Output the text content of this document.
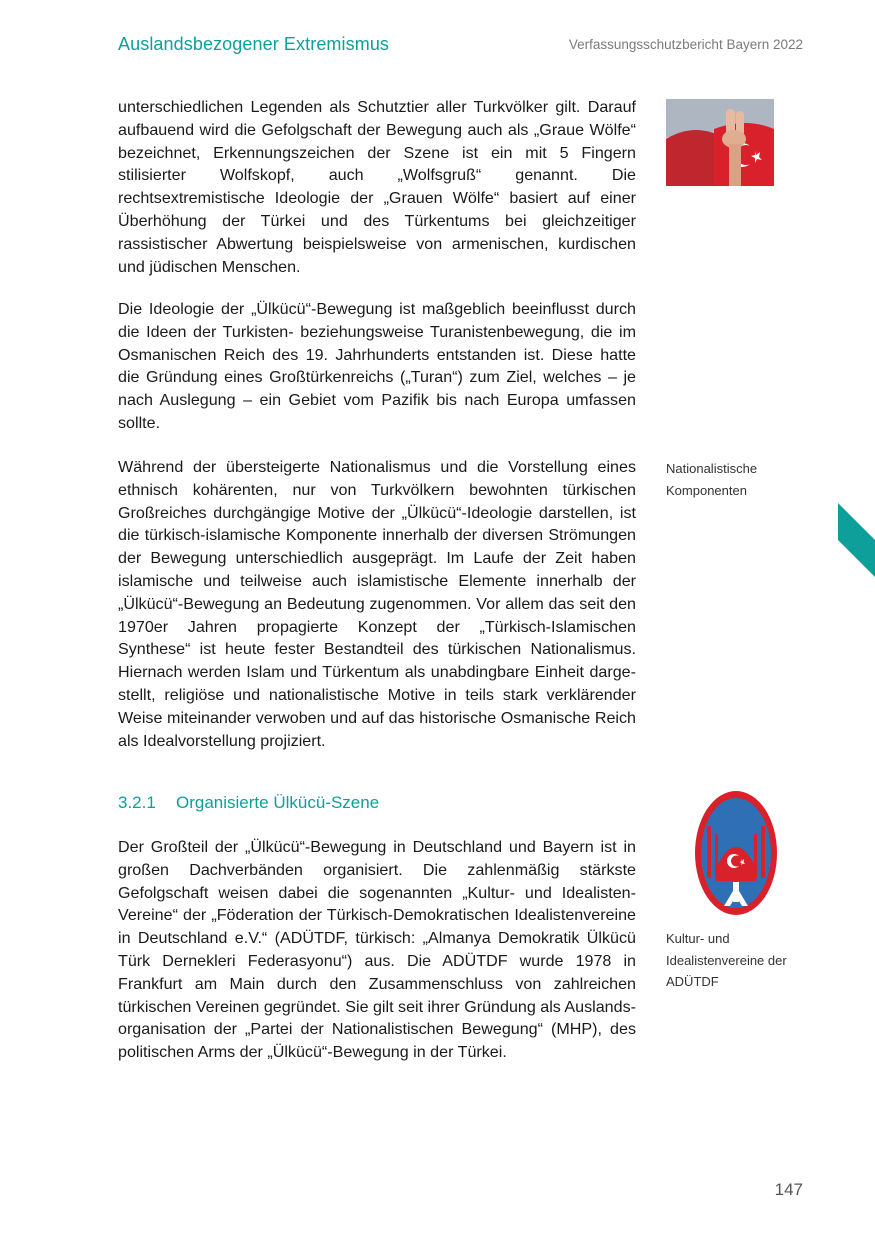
Auslandsbezogener Extremismus	Verfassungsschutzbericht Bayern 2022

unterschiedlichen Legenden als Schutztier aller Turkvölker gilt. Darauf aufbauend wird die Gefolgschaft der Bewegung auch als „Graue Wölfe“ bezeichnet, Erkennungszeichen der Szene ist ein mit 5 Fingern stilisierter Wolfskopf, auch „Wolfsgruß“ genannt. Die rechtsextremistische Ideologie der „Grauen Wölfe“ basiert auf einer Überhöhung der Türkei und des Türkentums bei gleichzeitiger rassistischer Abwertung beispielsweise von armenischen, kurdischen und jüdischen Menschen.

Die Ideologie der „Ülkücü“-Bewegung ist maßgeblich beeinflusst durch die Ideen der Turkisten- beziehungsweise Turanistenbewegung, die im Osmanischen Reich des 19. Jahrhunderts entstanden ist. Diese hatte die Gründung eines Großtürkenreichs („Turan“) zum Ziel, welches – je nach Auslegung – ein Gebiet vom Pazifik bis nach Europa umfassen sollte.

Während der übersteigerte Nationalismus und die Vorstellung eines ethnisch kohärenten, nur von Turkvölkern bewohnten türkischen Großreiches durchgängige Motive der „Ülkücü“-Ideologie darstellen, ist die türkisch-islamische Komponente innerhalb der diversen Strömungen der Bewegung unterschiedlich ausgeprägt. Im Laufe der Zeit haben islamische und teilweise auch islamistische Elemente innerhalb der „Ülkücü“-Bewegung an Bedeutung zugenommen. Vor allem das seit den 1970er Jahren propagierte Konzept der „Türkisch-Islamischen Synthese“ ist heute fester Bestandteil des türkischen Nationalismus. Hiernach werden Islam und Türkentum als unabdingbare Einheit dargestellt, religiöse und nationalistische Motive in teils stark verklärender Weise miteinander verwoben und auf das historische Osmanische Reich als Idealvorstellung projiziert.

Nationalistische Komponenten
3.2.1 Organisierte Ülkücü-Szene

Der Großteil der „Ülkücü“-Bewegung in Deutschland und Bayern ist in großen Dachverbänden organisiert. Die zahlenmäßig stärkste Gefolgschaft weisen dabei die sogenannten „Kultur- und Idealisten-Vereine“ der „Föderation der Türkisch-Demokratischen Idealistenvereine in Deutschland e.V.“ (ADÜTDF, türkisch: „Almanya Demokratik Ülkücü Türk Dernekleri Federasyonu“) aus. Die ADÜTDF wurde 1978 in Frankfurt am Main durch den Zusammenschluss von zahlreichen türkischen Vereinen gegründet. Sie gilt seit ihrer Gründung als Auslandsorganisation der „Partei der Nationalistischen Bewegung“ (MHP), des politischen Arms der „Ülkücü“-Bewegung in der Türkei.

Kultur- und Idealistenvereine der ADÜTDF
147
